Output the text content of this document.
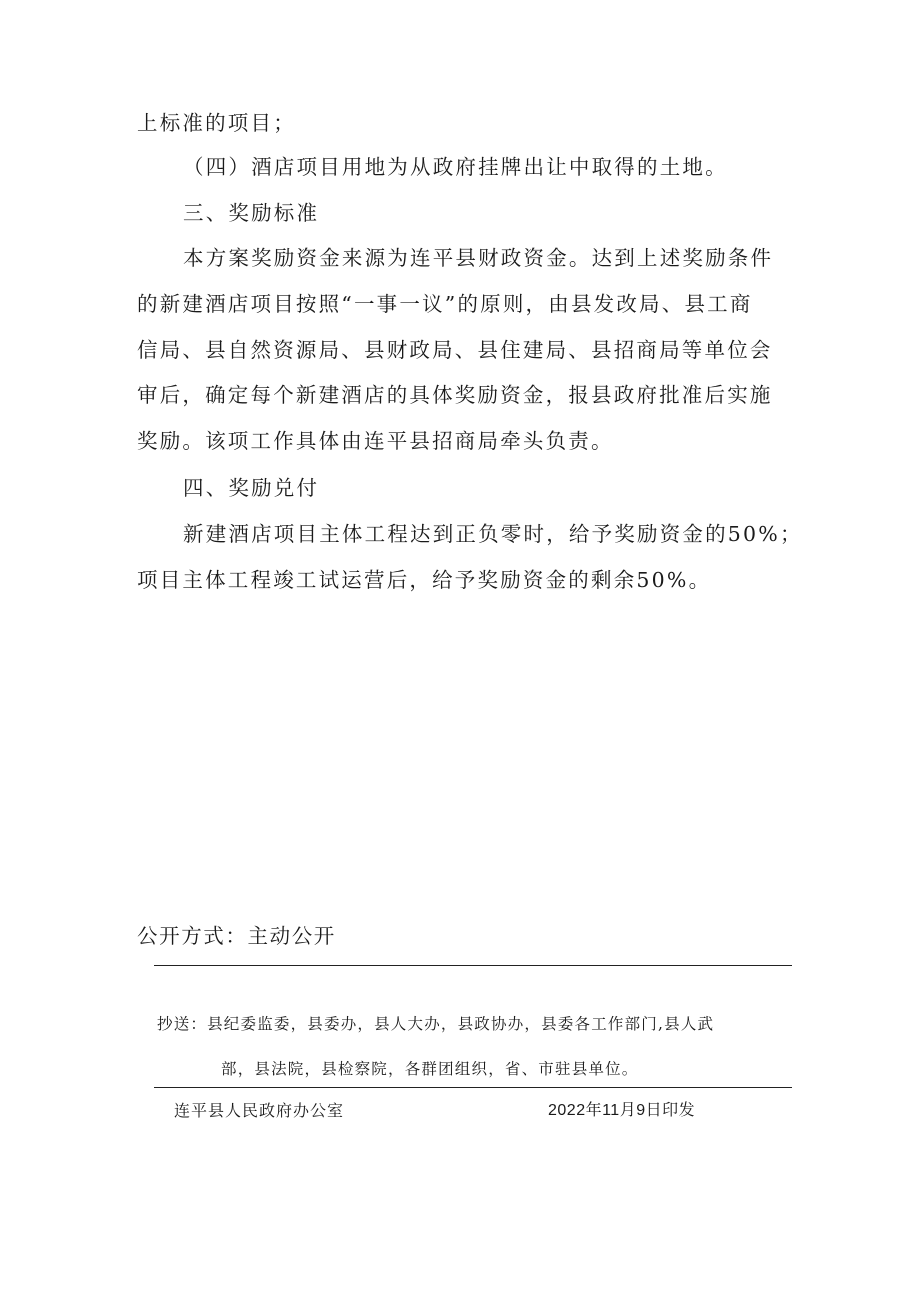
上标准的项目；
（四）酒店项目用地为从政府挂牌出让中取得的土地。
三、奖励标准
本方案奖励资金来源为连平县财政资金。达到上述奖励条件
的新建酒店项目按照“一事一议”的原则，由县发改局、县工商
信局、县自然资源局、县财政局、县住建局、县招商局等单位会
审后，确定每个新建酒店的具体奖励资金，报县政府批准后实施
奖励。该项工作具体由连平县招商局牵头负责。
四、奖励兑付
新建酒店项目主体工程达到正负零时，给予奖励资金的50%；
项目主体工程竣工试运营后，给予奖励资金的剩余50%。
公开方式：主动公开
抄送：县纪委监委，县委办，县人大办，县政协办，县委各工作部门,县人武
部，县法院，县检察院，各群团组织，省、市驻县单位。
连平县人民政府办公室	2022年11月9日印发
